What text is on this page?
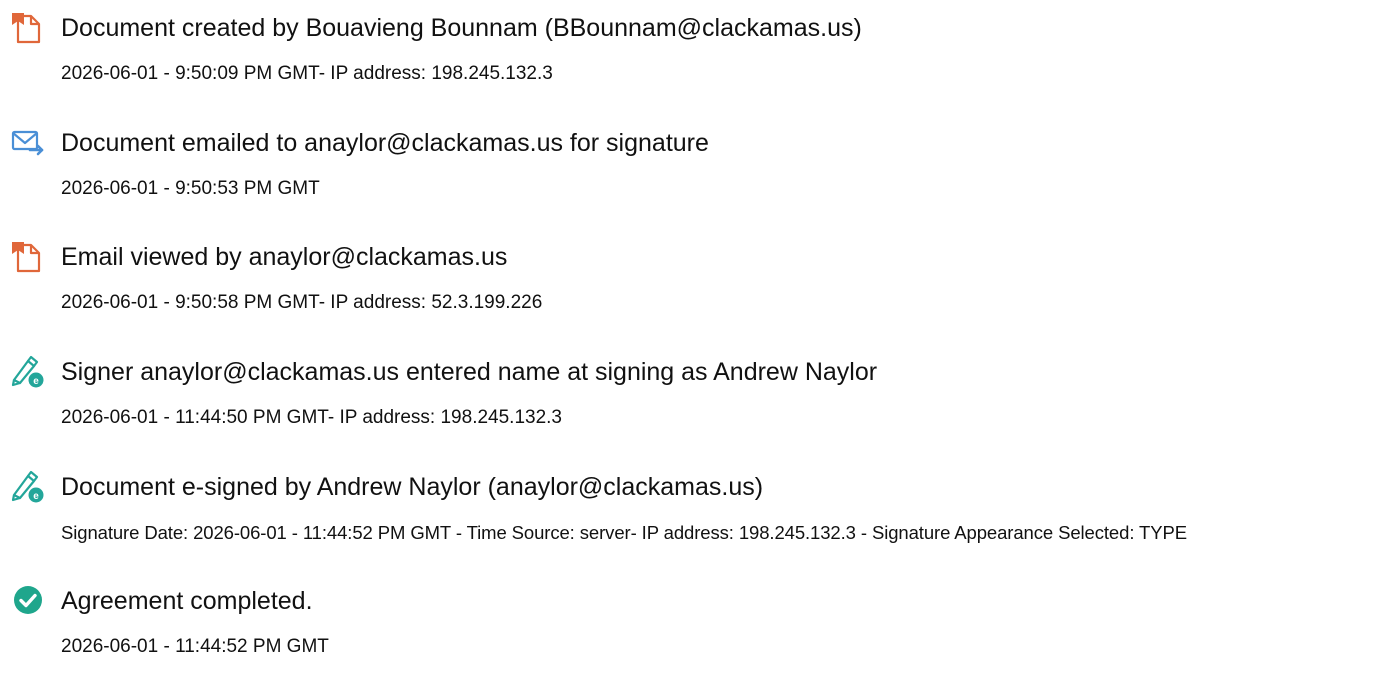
Document created by Bouavieng Bounnam (BBounnam@clackamas.us)
2026-06-01 - 9:50:09 PM GMT- IP address: 198.245.132.3
Document emailed to anaylor@clackamas.us for signature
2026-06-01 - 9:50:53 PM GMT
Email viewed by anaylor@clackamas.us
2026-06-01 - 9:50:58 PM GMT- IP address: 52.3.199.226
e Signer anaylor@clackamas.us entered name at signing as Andrew Naylor
2026-06-01 - 11:44:50 PM GMT- IP address: 198.245.132.3
e Document e-signed by Andrew Naylor (anaylor@clackamas.us)
Signature Date: 2026-06-01 - 11:44:52 PM GMT - Time Source: server- IP address: 198.245.132.3 - Signature Appearance Selected: TYPE
Agreement completed.
2026-06-01 - 11:44:52 PM GMT
